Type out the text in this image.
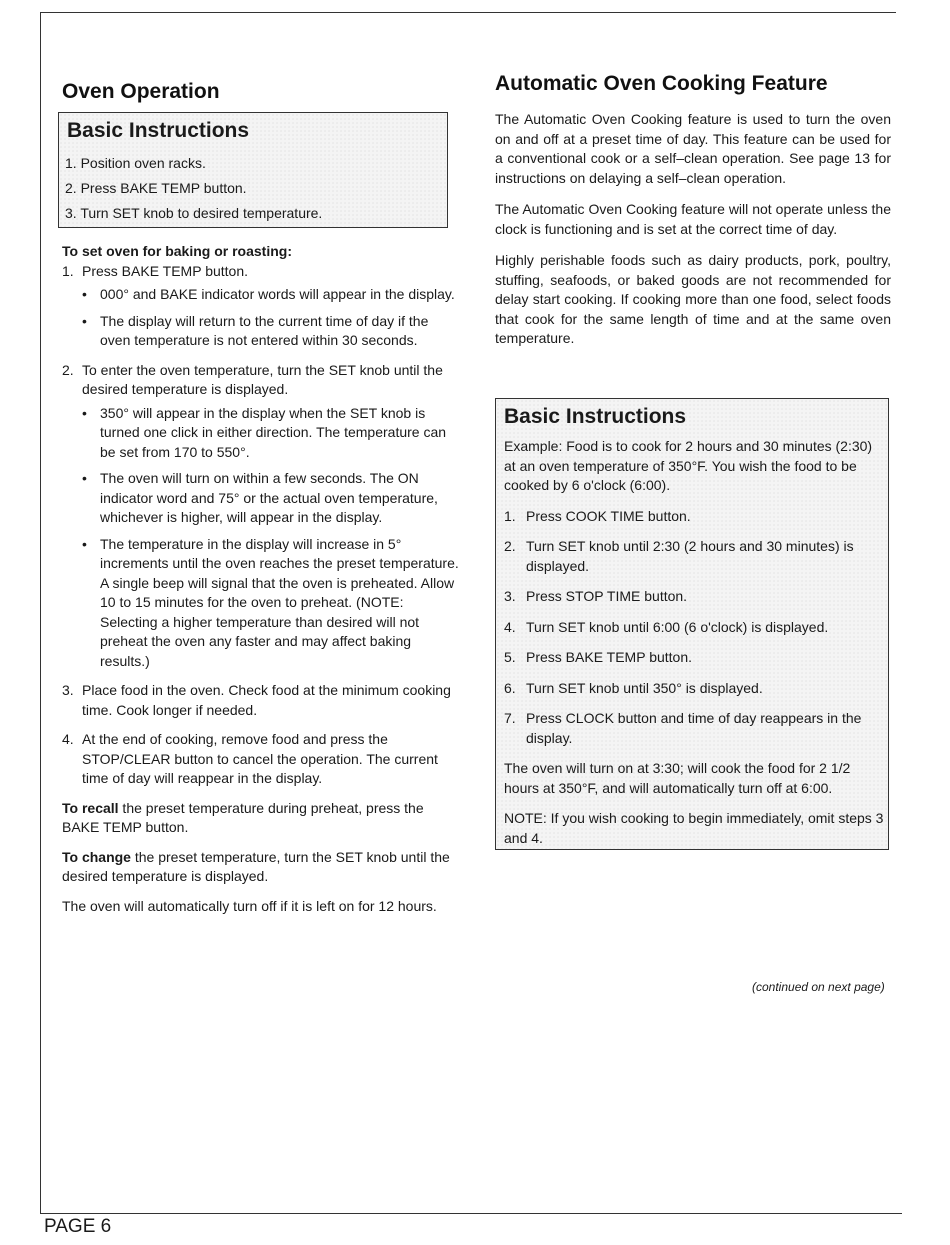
Oven Operation
Basic Instructions
1. Position oven racks.
2. Press BAKE TEMP button.
3. Turn SET knob to desired temperature.

To set oven for baking or roasting:

1. Press BAKE TEMP button.
• 000° and BAKE indicator words will appear in the display.
• The display will return to the current time of day if the oven temperature is not entered within 30 seconds.
2. To enter the oven temperature, turn the SET knob until the desired temperature is displayed.
• 350° will appear in the display when the SET knob is turned one click in either direction. The temperature can be set from 170 to 550°.
• The oven will turn on within a few seconds. The ON indicator word and 75° or the actual oven temperature, whichever is higher, will appear in the display.
• The temperature in the display will increase in 5° increments until the oven reaches the preset temperature. A single beep will signal that the oven is preheated. Allow 10 to 15 minutes for the oven to preheat. (NOTE: Selecting a higher temperature than desired will not preheat the oven any faster and may affect baking results.)
3. Place food in the oven. Check food at the minimum cooking time. Cook longer if needed.
4. At the end of cooking, remove food and press the STOP/CLEAR button to cancel the operation. The current time of day will reappear in the display.

To recall the preset temperature during preheat, press the BAKE TEMP button.

To change the preset temperature, turn the SET knob until the desired temperature is displayed.

The oven will automatically turn off if it is left on for 12 hours.

Automatic Oven Cooking Feature

The Automatic Oven Cooking feature is used to turn the oven on and off at a preset time of day. This feature can be used for a conventional cook or a self–clean operation. See page 13 for instructions on delaying a self–clean operation.

The Automatic Oven Cooking feature will not operate unless the clock is functioning and is set at the correct time of day.

Highly perishable foods such as dairy products, pork, poultry, stuffing, seafoods, or baked goods are not recommended for delay start cooking. If cooking more than one food, select foods that cook for the same length of time and at the same oven temperature.

Basic Instructions

Example: Food is to cook for 2 hours and 30 minutes (2:30) at an oven temperature of 350°F. You wish the food to be cooked by 6 o'clock (6:00).

1. Press COOK TIME button.
2. Turn SET knob until 2:30 (2 hours and 30 minutes) is displayed.
3. Press STOP TIME button.
4. Turn SET knob until 6:00 (6 o'clock) is displayed.
5. Press BAKE TEMP button.
6. Turn SET knob until 350° is displayed.
7. Press CLOCK button and time of day reappears in the display.

The oven will turn on at 3:30; will cook the food for 2 1/2 hours at 350°F, and will automatically turn off at 6:00.

NOTE: If you wish cooking to begin immediately, omit steps 3 and 4.

(continued on next page)
PAGE 6
